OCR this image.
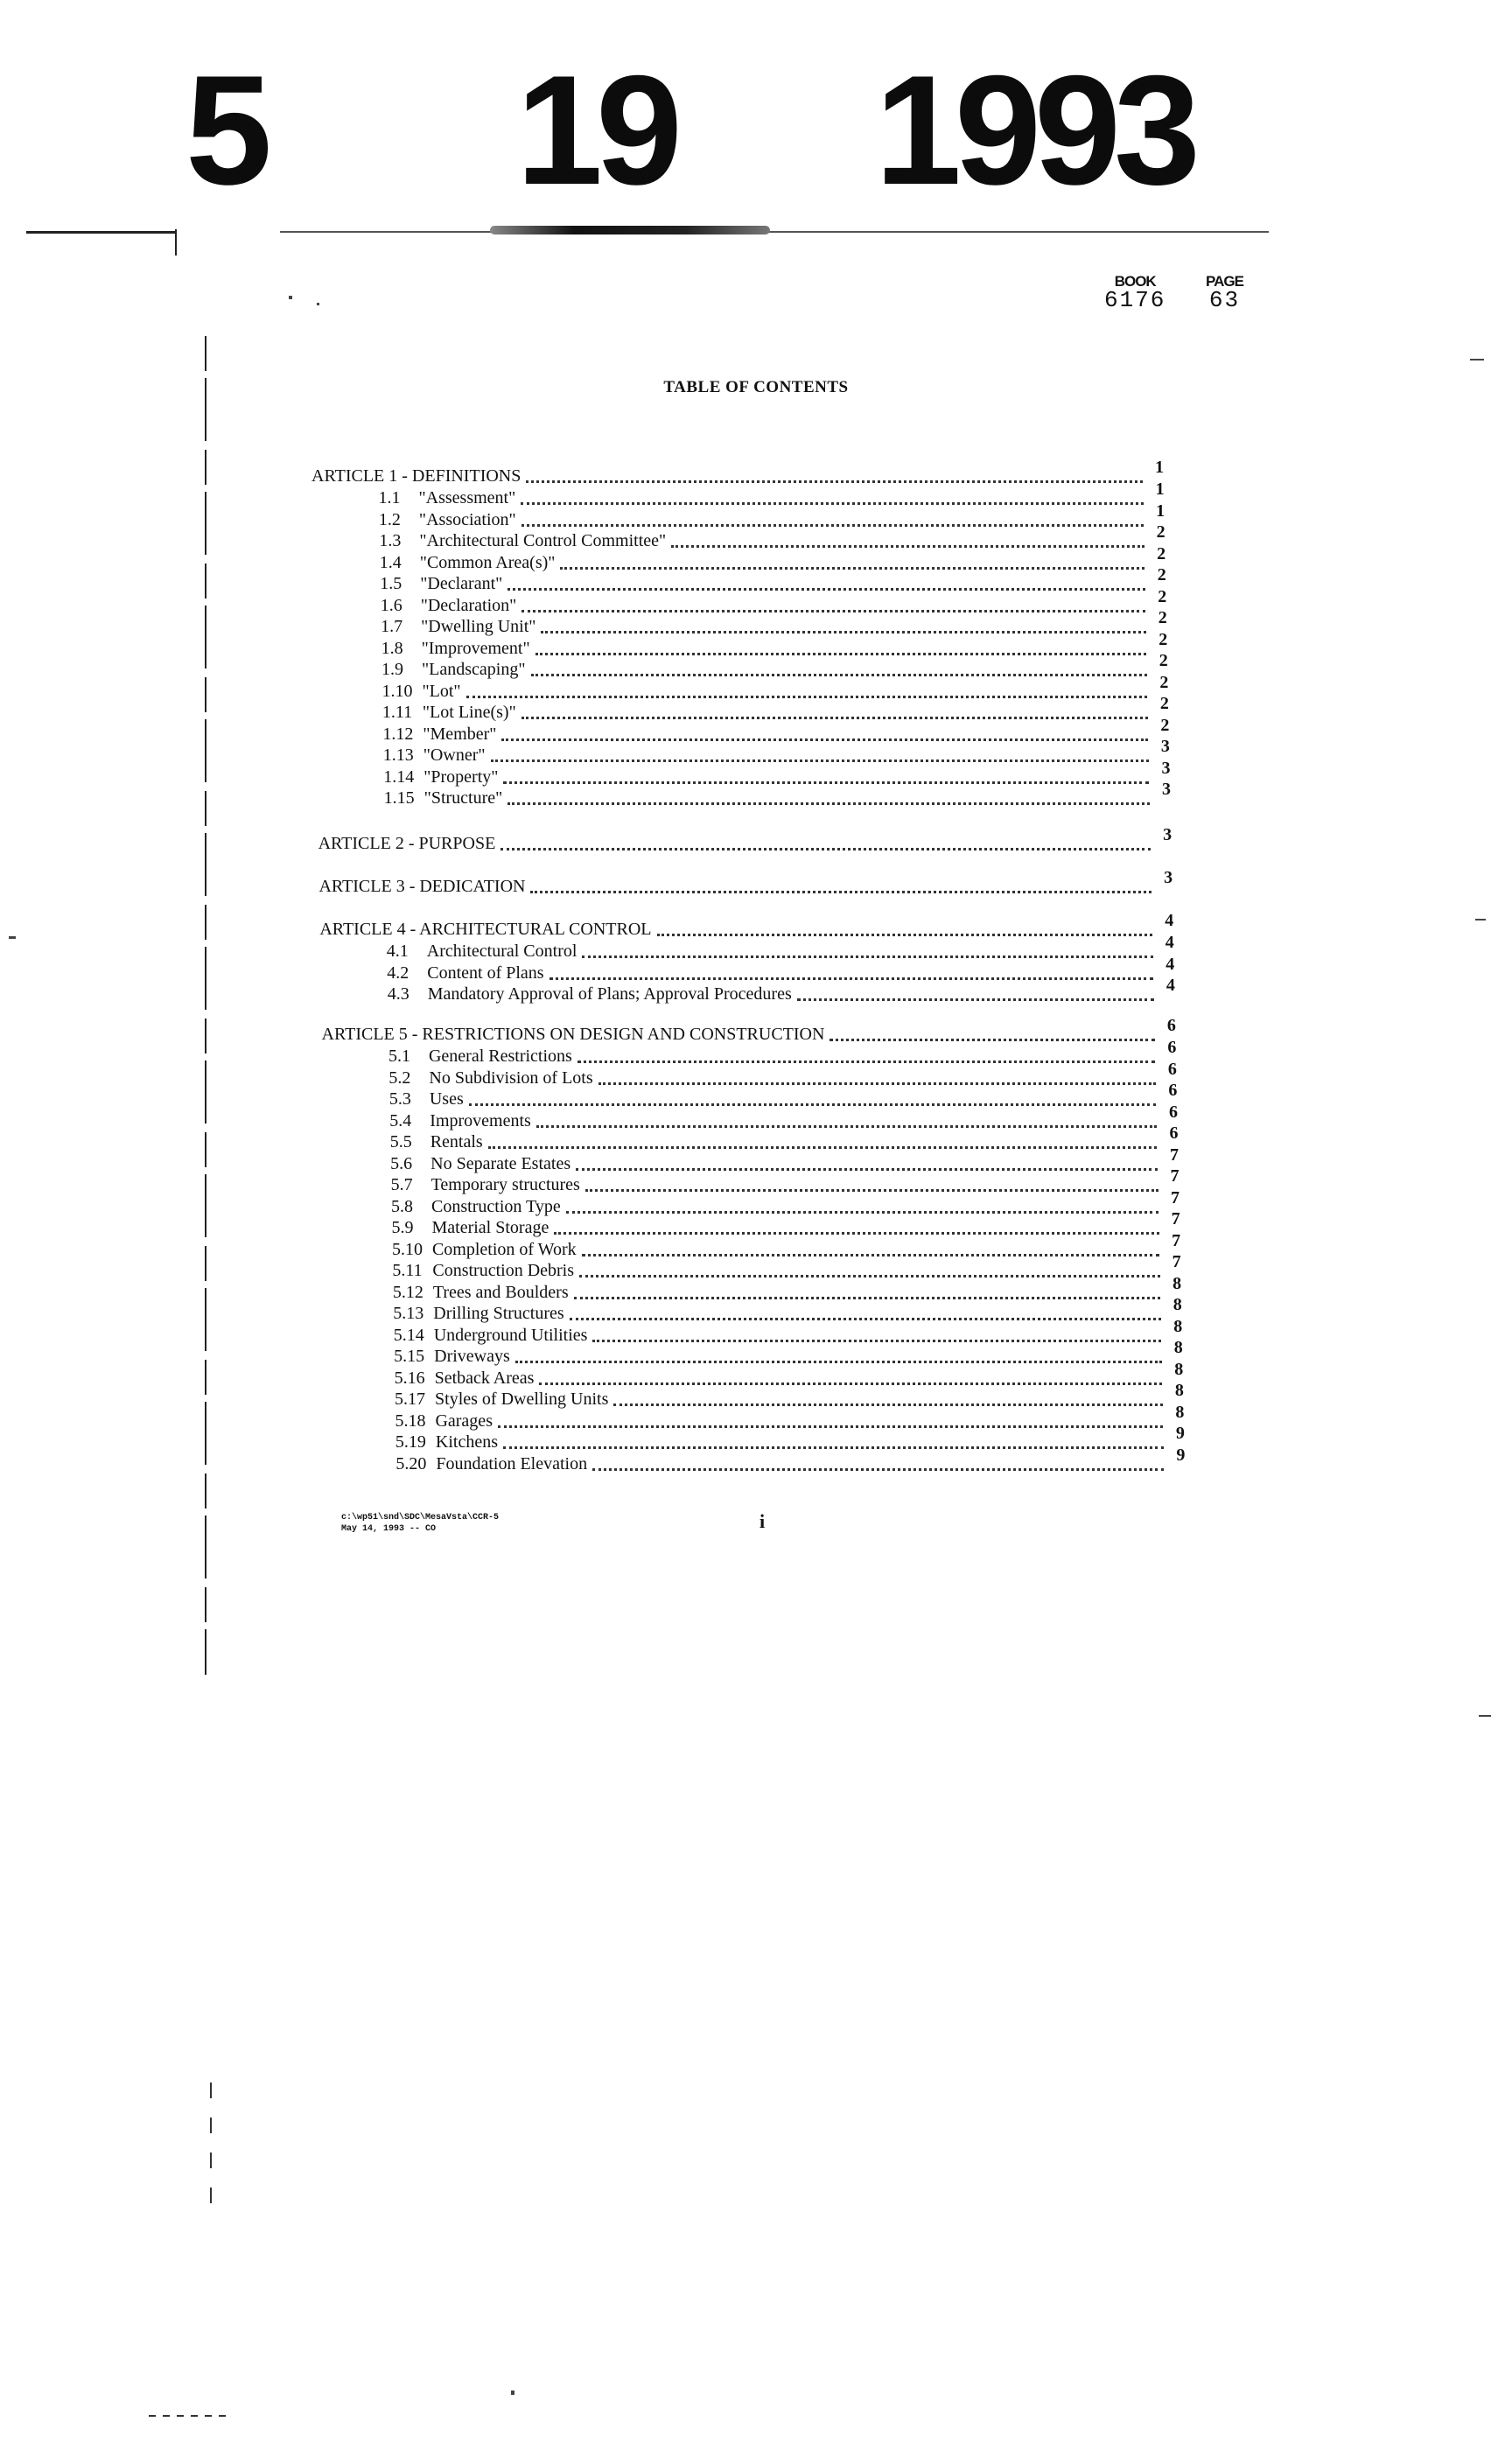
5 19 1993
BOOK
6176
PAGE
63
TABLE OF CONTENTS
ARTICLE 1 - DEFINITIONS	1
1.1	"Assessment"	1
1.2	"Association"	1
1.3	"Architectural Control Committee"	2
1.4	"Common Area(s)"	2
1.5	"Declarant"	2
1.6	"Declaration"	2
1.7	"Dwelling Unit"	2
1.8	"Improvement"	2
1.9	"Landscaping"	2
1.10 "Lot"	2
1.11 "Lot Line(s)"	2
1.12 "Member"	2
1.13 "Owner"	3
1.14 "Property"	3
1.15 "Structure"	3
ARTICLE 2 - PURPOSE	3
ARTICLE 3 - DEDICATION	3
ARTICLE 4 - ARCHITECTURAL CONTROL	4
4.1	Architectural Control	4
4.2	Content of Plans	4
4.3	Mandatory Approval of Plans; Approval Procedures	4
ARTICLE 5 - RESTRICTIONS ON DESIGN AND CONSTRUCTION	6
5.1	General Restrictions	6
5.2	No Subdivision of Lots	6
5.3	Uses	6
5.4	Improvements	6
5.5	Rentals	6
5.6	No Separate Estates	7
5.7	Temporary structures	7
5.8	Construction Type	7
5.9	Material Storage	7
5.10 Completion of Work	7
5.11 Construction Debris	7
5.12 Trees and Boulders	8
5.13 Drilling Structures	8
5.14 Underground Utilities	8
5.15 Driveways	8
5.16 Setback Areas	8
5.17 Styles of Dwelling Units	8
5.18 Garages	8
5.19 Kitchens	9
5.20 Foundation Elevation	9
c:\wp51\snd\SDC\MesaVsta\CCR-5
May 14, 1993 -- CO	i
